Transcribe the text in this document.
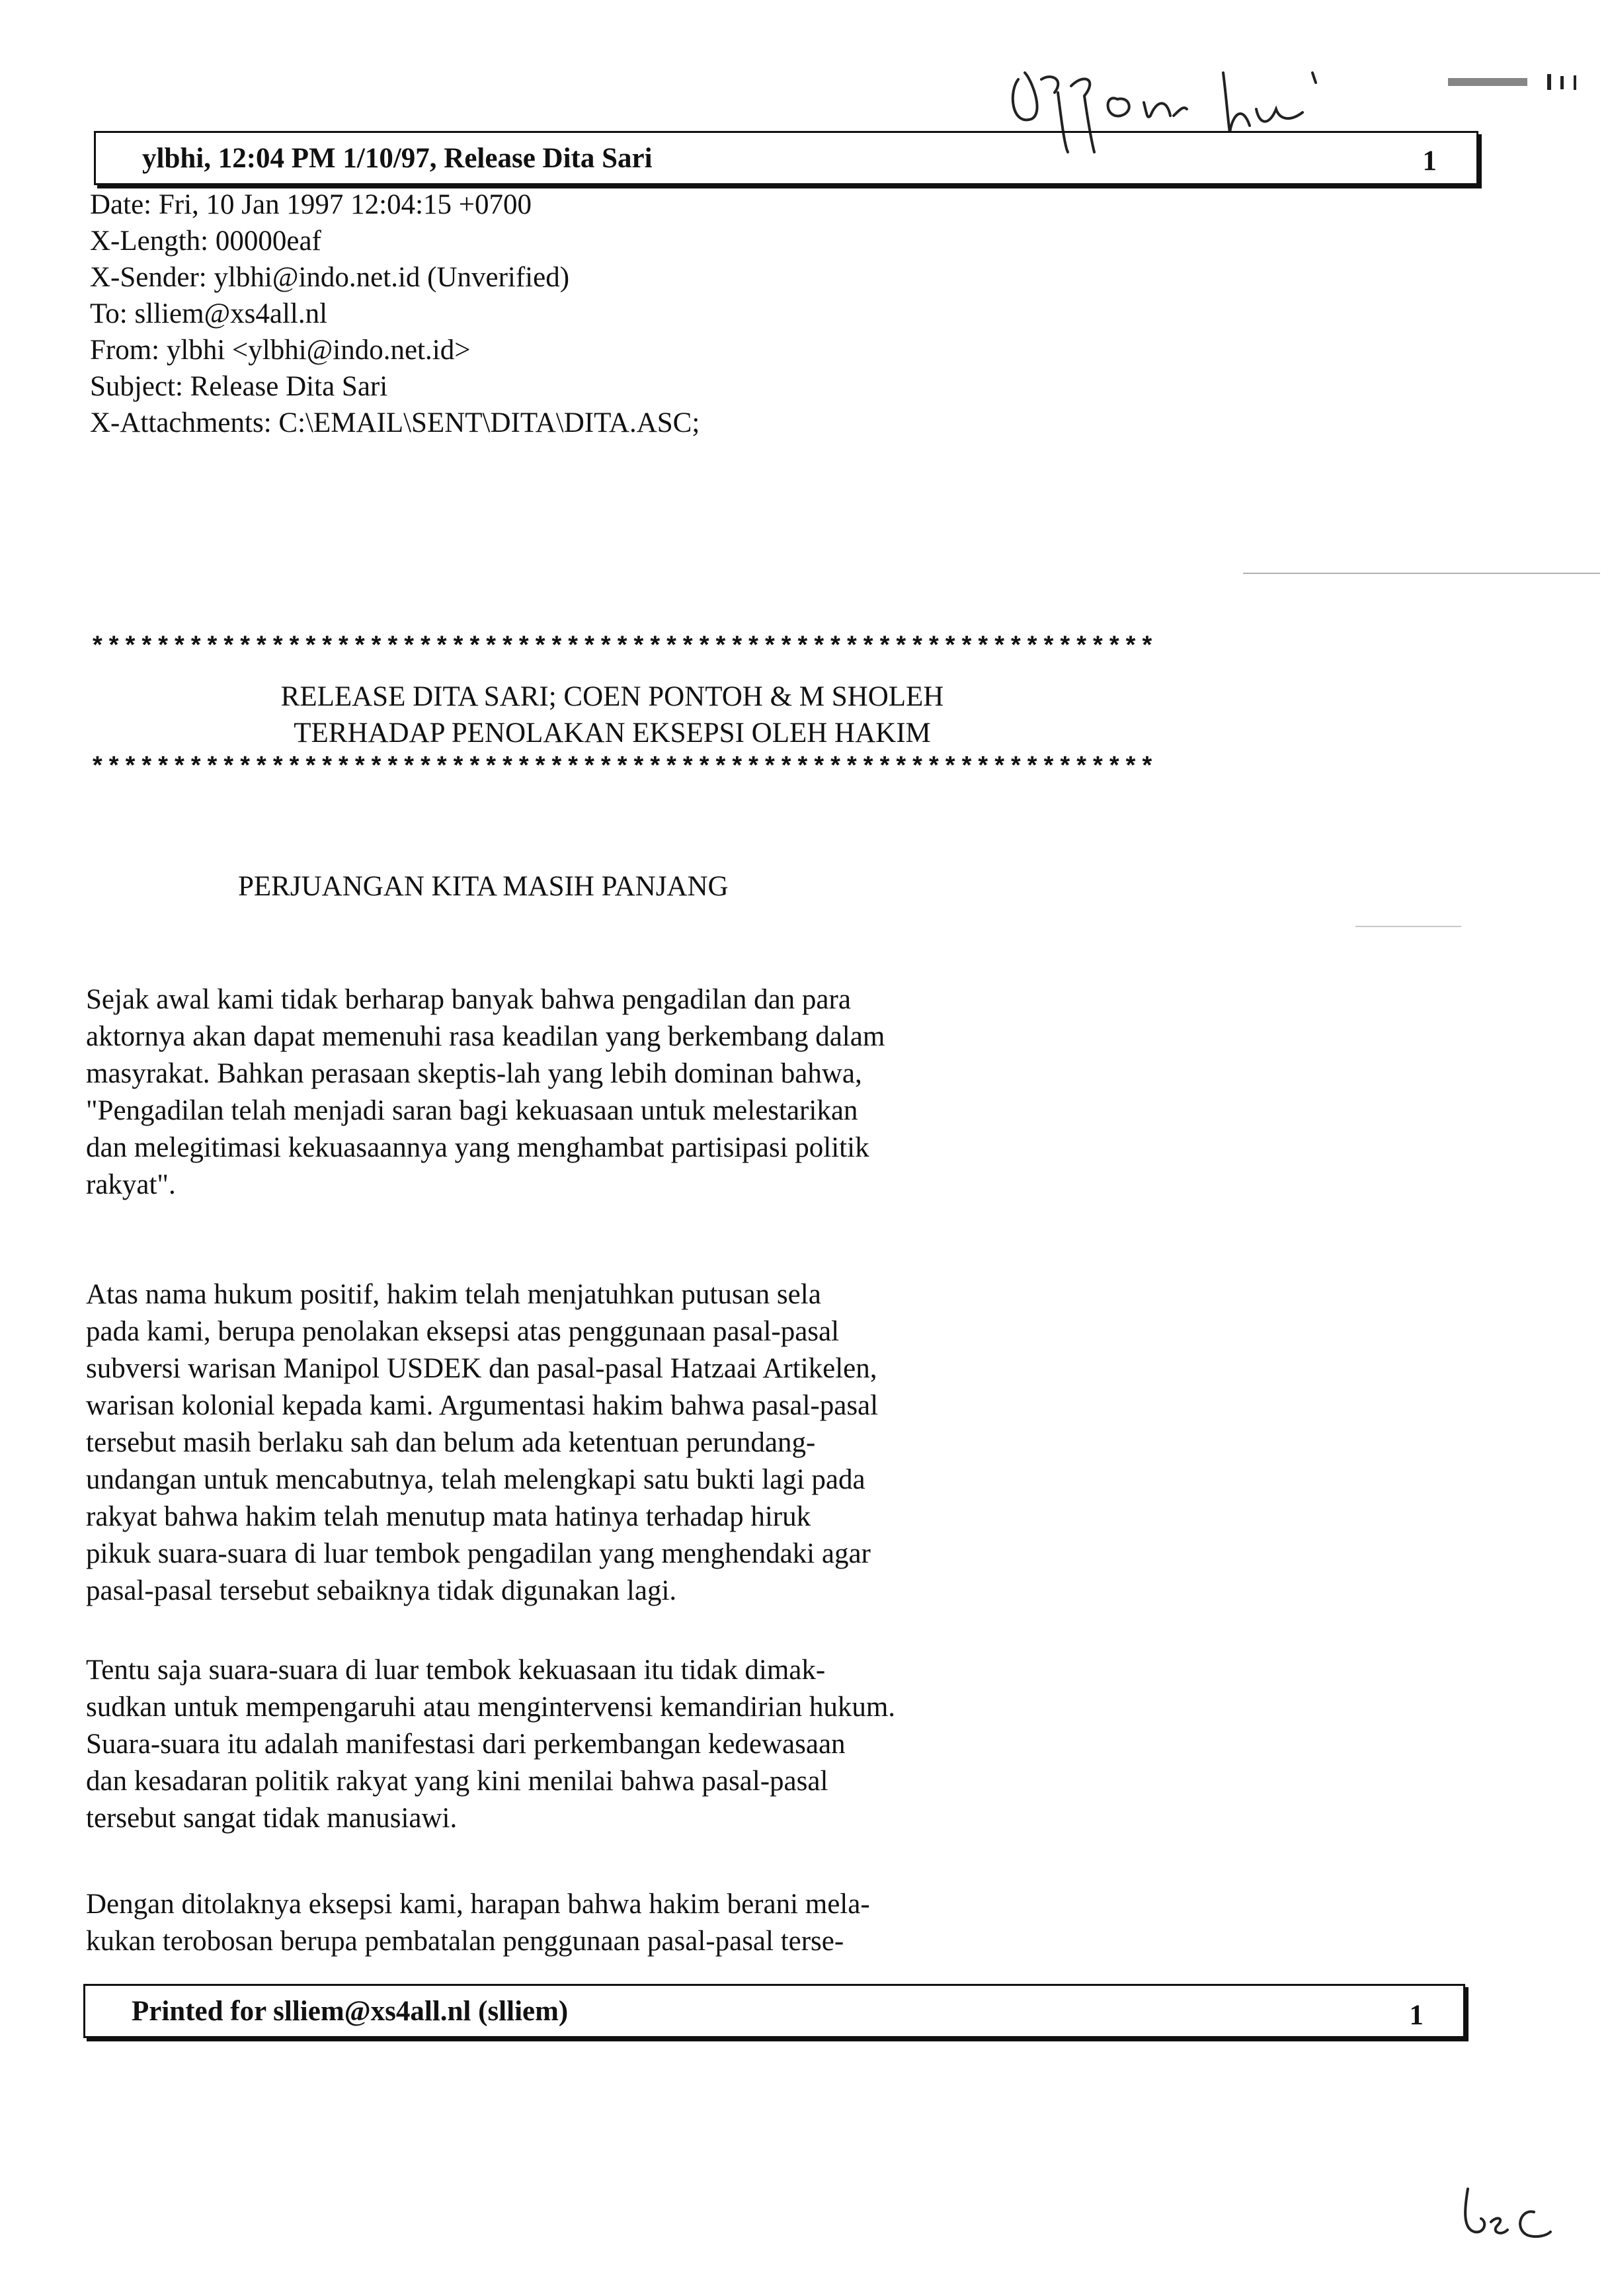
ylbhi, 12:04 PM 1/10/97, Release Dita Sari	1
Date: Fri, 10 Jan 1997 12:04:15 +0700
X-Length: 00000eaf
X-Sender: ylbhi@indo.net.id (Unverified)
To: slliem@xs4all.nl
From: ylbhi <ylbhi@indo.net.id>
Subject: Release Dita Sari
X-Attachments: C:\EMAIL\SENT\DITA\DITA.ASC;
*****************************************************************
RELEASE DITA SARI; COEN PONTOH & M SHOLEH
TERHADAP PENOLAKAN EKSEPSI OLEH HAKIM
*****************************************************************
PERJUANGAN KITA MASIH PANJANG
Sejak awal kami tidak berharap banyak bahwa pengadilan dan para
aktornya akan dapat memenuhi rasa keadilan yang berkembang dalam
masyrakat. Bahkan perasaan skeptis-lah yang lebih dominan bahwa,
"Pengadilan telah menjadi saran bagi kekuasaan untuk melestarikan
dan melegitimasi kekuasaannya yang menghambat partisipasi politik
rakyat".
Atas nama hukum positif, hakim telah menjatuhkan putusan sela
pada kami, berupa penolakan eksepsi atas penggunaan pasal-pasal
subversi warisan Manipol USDEK dan pasal-pasal Hatzaai Artikelen,
warisan kolonial kepada kami. Argumentasi hakim bahwa pasal-pasal
tersebut masih berlaku sah dan belum ada ketentuan perundang-
undangan untuk mencabutnya, telah melengkapi satu bukti lagi pada
rakyat bahwa hakim telah menutup mata hatinya terhadap hiruk
pikuk suara-suara di luar tembok pengadilan yang menghendaki agar
pasal-pasal tersebut sebaiknya tidak digunakan lagi.
Tentu saja suara-suara di luar tembok kekuasaan itu tidak dimak-
sudkan untuk mempengaruhi atau mengintervensi kemandirian hukum.
Suara-suara itu adalah manifestasi dari perkembangan kedewasaan
dan kesadaran politik rakyat yang kini menilai bahwa pasal-pasal
tersebut sangat tidak manusiawi.
Dengan ditolaknya eksepsi kami, harapan bahwa hakim berani mela-
kukan terobosan berupa pembatalan penggunaan pasal-pasal terse-
Printed for slliem@xs4all.nl (slliem)	1
